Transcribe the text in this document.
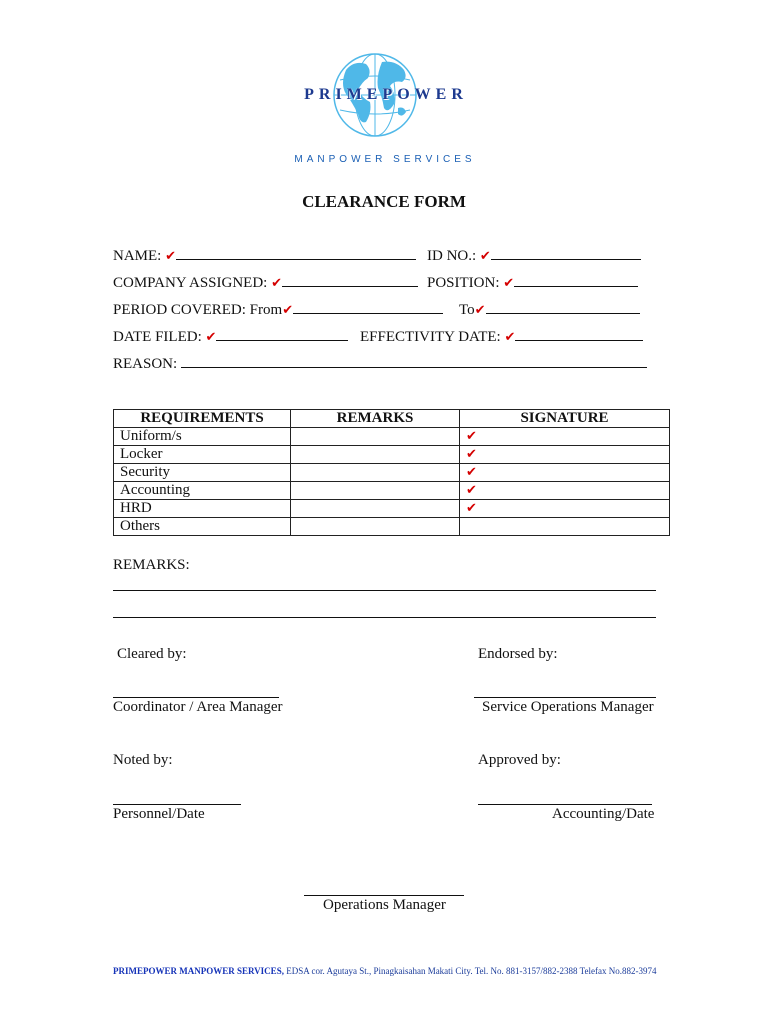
PRIMEPOWER
MANPOWER SERVICES
CLEARANCE FORM
NAME: ✔	ID NO.: ✔
COMPANY ASSIGNED: ✔	POSITION: ✔
PERIOD COVERED: From✔	To✔
DATE FILED: ✔	EFFECTIVITY DATE: ✔
REASON:
REQUIREMENTS	REMARKS	SIGNATURE
Uniform/s		✔
Locker		✔
Security		✔
Accounting		✔
HRD		✔
Others		
REMARKS:
Cleared by:	Endorsed by:
Coordinator / Area Manager	Service Operations Manager
Noted by:	Approved by:
Personnel/Date	Accounting/Date
Operations Manager
PRIMEPOWER MANPOWER SERVICES, EDSA cor. Agutaya St., Pinagkaisahan Makati City. Tel. No. 881-3157/882-2388 Telefax No.882-3974
